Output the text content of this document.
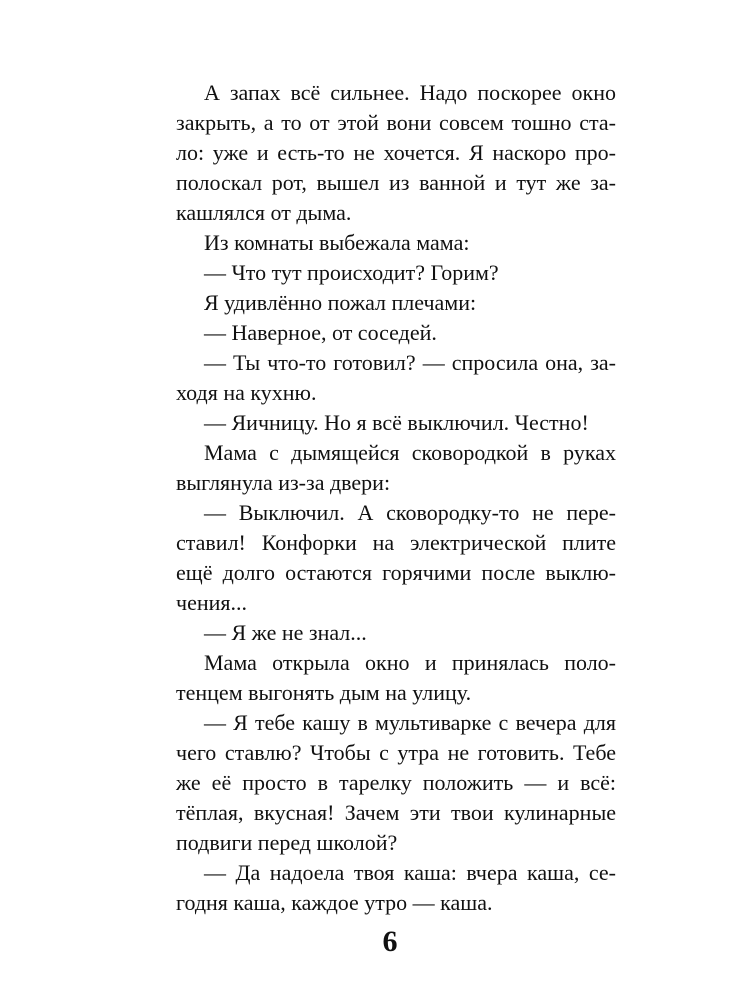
А запах всё сильнее. Надо поскорее окно
закрыть, а то от этой вони совсем тошно ста-
ло: уже и есть-то не хочется. Я наскоро про-
полоскал рот, вышел из ванной и тут же за-
кашлялся от дыма.
Из комнаты выбежала мама:
— Что тут происходит? Горим?
Я удивлённо пожал плечами:
— Наверное, от соседей.
— Ты что-то готовил? — спросила она, за-
ходя на кухню.
— Яичницу. Но я всё выключил. Честно!
Мама с дымящейся сковородкой в руках
выглянула из-за двери:
— Выключил. А сковородку-то не пере-
ставил! Конфорки на электрической плите
ещё долго остаются горячими после выклю-
чения...
— Я же не знал...
Мама открыла окно и принялась поло-
тенцем выгонять дым на улицу.
— Я тебе кашу в мультиварке с вечера для
чего ставлю? Чтобы с утра не готовить. Тебе
же её просто в тарелку положить — и всё:
тёплая, вкусная! Зачем эти твои кулинарные
подвиги перед школой?
— Да надоела твоя каша: вчера каша, се-
годня каша, каждое утро — каша.
6
